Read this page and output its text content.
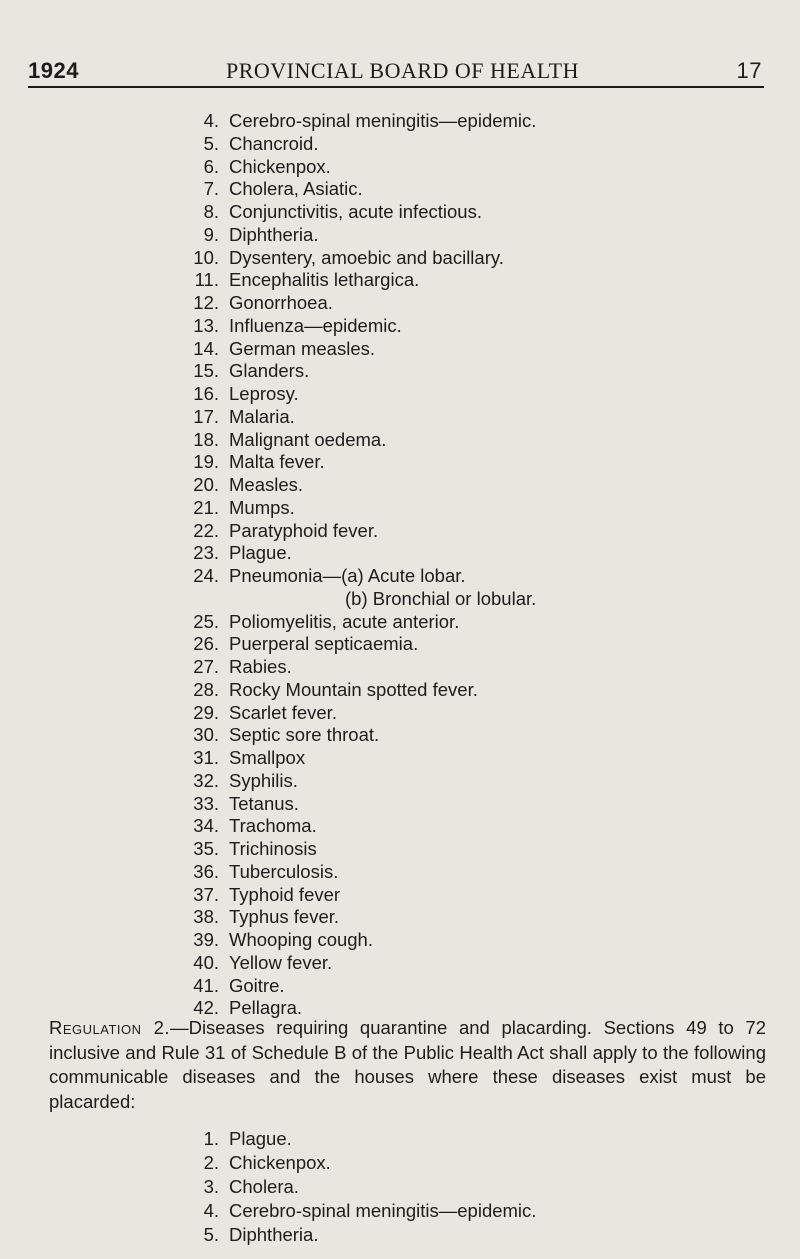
1924	PROVINCIAL BOARD OF HEALTH	17
4. Cerebro-spinal meningitis—epidemic.
5. Chancroid.
6. Chickenpox.
7. Cholera, Asiatic.
8. Conjunctivitis, acute infectious.
9. Diphtheria.
10. Dysentery, amoebic and bacillary.
11. Encephalitis lethargica.
12. Gonorrhoea.
13. Influenza—epidemic.
14. German measles.
15. Glanders.
16. Leprosy.
17. Malaria.
18. Malignant oedema.
19. Malta fever.
20. Measles.
21. Mumps.
22. Paratyphoid fever.
23. Plague.
24. Pneumonia—(a) Acute lobar.
(b) Bronchial or lobular.
25. Poliomyelitis, acute anterior.
26. Puerperal septicaemia.
27. Rabies.
28. Rocky Mountain spotted fever.
29. Scarlet fever.
30. Septic sore throat.
31. Smallpox
32. Syphilis.
33. Tetanus.
34. Trachoma.
35. Trichinosis
36. Tuberculosis.
37. Typhoid fever
38. Typhus fever.
39. Whooping cough.
40. Yellow fever.
41. Goitre.
42. Pellagra.
Regulation 2.—Diseases requiring quarantine and placarding. Sections 49 to 72 inclusive and Rule 31 of Schedule B of the Public Health Act shall apply to the following communicable diseases and the houses where these diseases exist must be placarded:
1. Plague.
2. Chickenpox.
3. Cholera.
4. Cerebro-spinal meningitis—epidemic.
5. Diphtheria.
